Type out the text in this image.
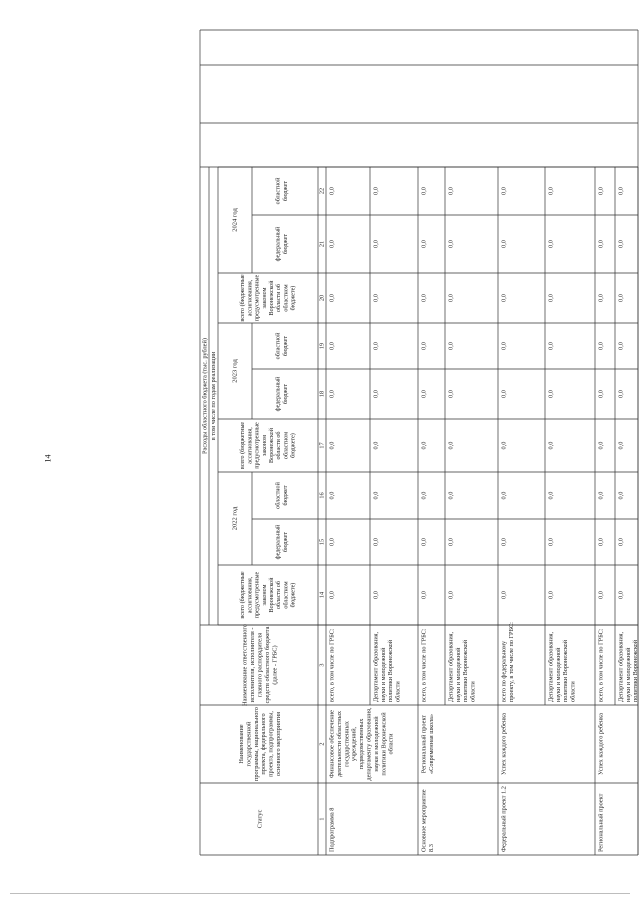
14
Статус
Наименование государственной программы, национального проекта, федерального проекта, подпрограммы, основного мероприятия
Наименование ответственного исполнителя, исполнителя - главного распорядителя средств областного бюджета (далее - ГРБС)
Расходы областного бюджета (тыс. рублей) в том числе по годам реализации
всего (бюджетные ассигнования, предусмотренные законом Воронежской области об областном бюджете)
2022 год
федеральный бюджет
областной бюджет
всего (бюджетные ассигнования, предусмотренные законом Воронежской области об областном бюджете)
2023 год
федеральный бюджет
областной бюджет
всего (бюджетные ассигнования, предусмотренные законом Воронежской области об областном бюджете)
2024 год
федеральный бюджет
областной бюджет
1
2
3
14
15
16
17
18
19
20
21
22
Подпрограмма 8
Финансовое обеспечение деятельности областных государственных учреждений, подведомственных департаменту образования, науки и молодежной политики Воронежской области
всего, в том числе по ГРБС:
0,0
0,0
0,0
0,0
0,0
0,0
0,0
0,0
0,0
Департамент образования, науки и молодежной политики Воронежской области
0,0
0,0
0,0
0,0
0,0
0,0
0,0
0,0
0,0
Основное мероприятие 8.3
Региональный проект «Современная школа»
всего, в том числе по ГРБС:
0,0
0,0
0,0
0,0
0,0
0,0
0,0
0,0
0,0
Департамент образования, науки и молодежной политики Воронежской области
0,0
0,0
0,0
0,0
0,0
0,0
0,0
0,0
0,0
Федеральный проект 1.2
Успех каждого ребенка
всего по федеральному проекту, в том числе по ГРБС:
0,0
0,0
0,0
0,0
0,0
0,0
0,0
0,0
0,0
Департамент образования, науки и молодежной политики Воронежской области
0,0
0,0
0,0
0,0
0,0
0,0
0,0
0,0
0,0
Региональный проект
Успех каждого ребенка
всего, в том числе по ГРБС:
0,0
0,0
0,0
0,0
0,0
0,0
0,0
0,0
0,0
Департамент образования, науки и молодежной политики Воронежской
0,0
0,0
0,0
0,0
0,0
0,0
0,0
0,0
0,0
